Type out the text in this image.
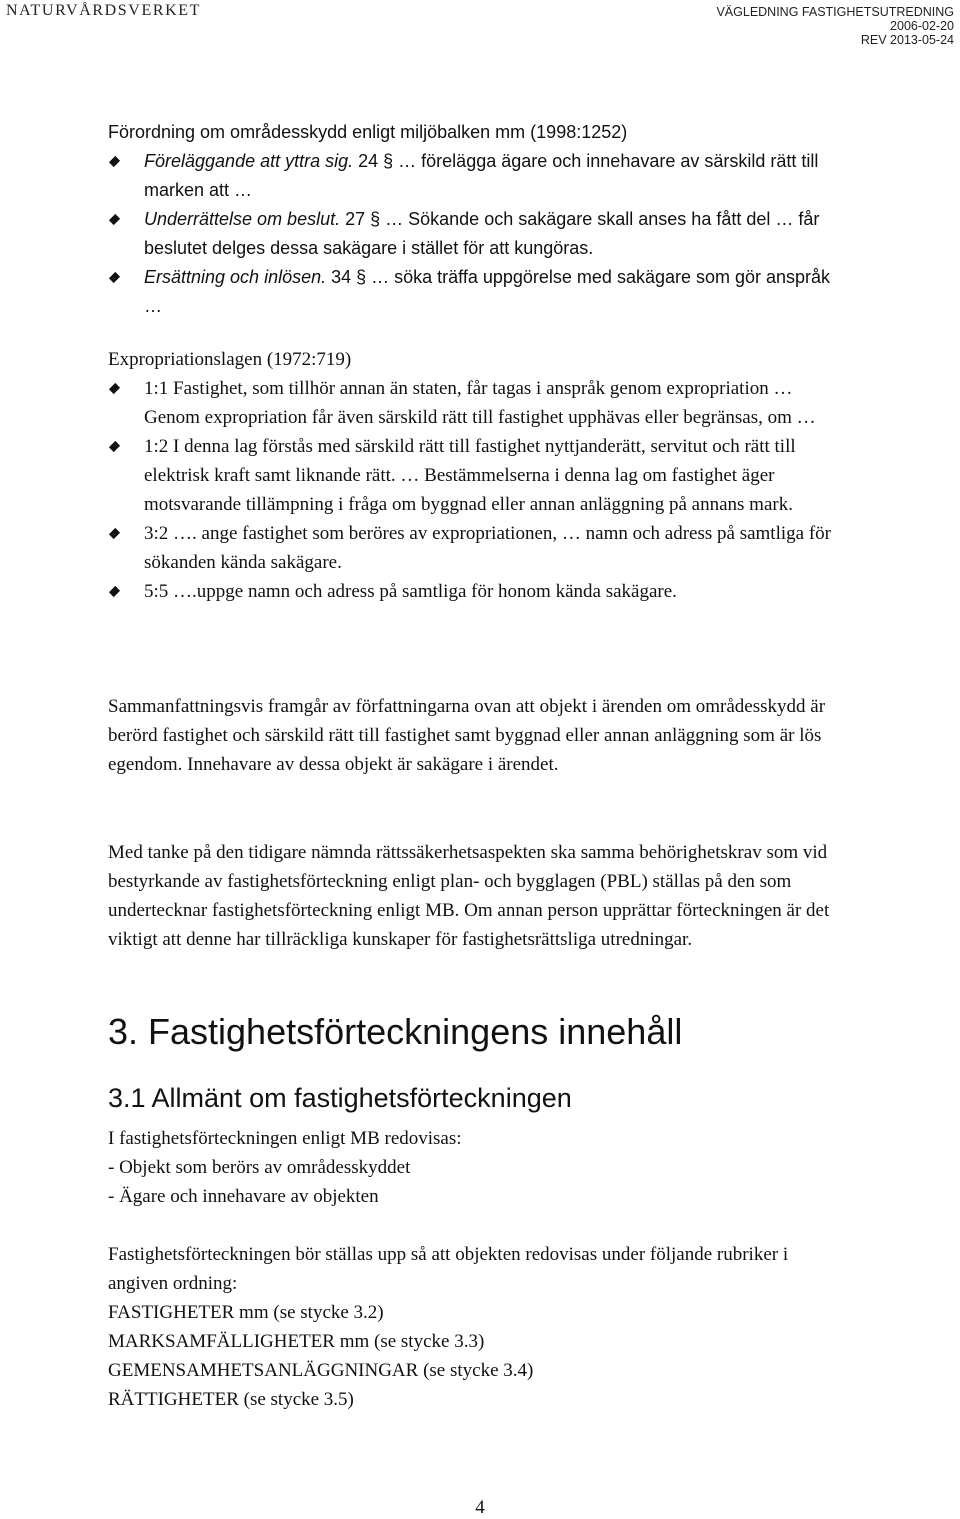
NATURVÅRDSVERKET	VÄGLEDNING FASTIGHETSUTREDNING
2006-02-20
REV 2013-05-24

Förordning om områdesskydd enligt miljöbalken mm (1998:1252)

Föreläggande att yttra sig. 24 § … förelägga ägare och innehavare av särskild rätt till marken att …
Underrättelse om beslut. 27 § … Sökande och sakägare skall anses ha fått del … får beslutet delges dessa sakägare i stället för att kungöras.
Ersättning och inlösen. 34 § … söka träffa uppgörelse med sakägare som gör anspråk …

Expropriationslagen (1972:719)

1:1 Fastighet, som tillhör annan än staten, får tagas i anspråk genom expropriation … Genom expropriation får även särskild rätt till fastighet upphävas eller begränsas, om …
1:2 I denna lag förstås med särskild rätt till fastighet nyttjanderätt, servitut och rätt till elektrisk kraft samt liknande rätt. … Bestämmelserna i denna lag om fastighet äger motsvarande tillämpning i fråga om byggnad eller annan anläggning på annans mark.
3:2 …. ange fastighet som beröres av expropriationen, … namn och adress på samtliga för sökanden kända sakägare.
5:5 ….uppge namn och adress på samtliga för honom kända sakägare.

Sammanfattningsvis framgår av författningarna ovan att objekt i ärenden om områdesskydd är berörd fastighet och särskild rätt till fastighet samt byggnad eller annan anläggning som är lös egendom. Innehavare av dessa objekt är sakägare i ärendet.

Med tanke på den tidigare nämnda rättssäkerhetsaspekten ska samma behörighetskrav som vid bestyrkande av fastighetsförteckning enligt plan- och bygglagen (PBL) ställas på den som undertecknar fastighetsförteckning enligt MB. Om annan person upprättar förteckningen är det viktigt att denne har tillräckliga kunskaper för fastighetsrättsliga utredningar.

3. Fastighetsförteckningens innehåll
3.1 Allmänt om fastighetsförteckningen

I fastighetsförteckningen enligt MB redovisas:

- Objekt som berörs av områdesskyddet

- Ägare och innehavare av objekten

Fastighetsförteckningen bör ställas upp så att objekten redovisas under följande rubriker i angiven ordning:

FASTIGHETER mm (se stycke 3.2)

MARKSAMFÄLLIGHETER mm (se stycke 3.3)

GEMENSAMHETSANLÄGGNINGAR (se stycke 3.4)

RÄTTIGHETER (se stycke 3.5)

4
